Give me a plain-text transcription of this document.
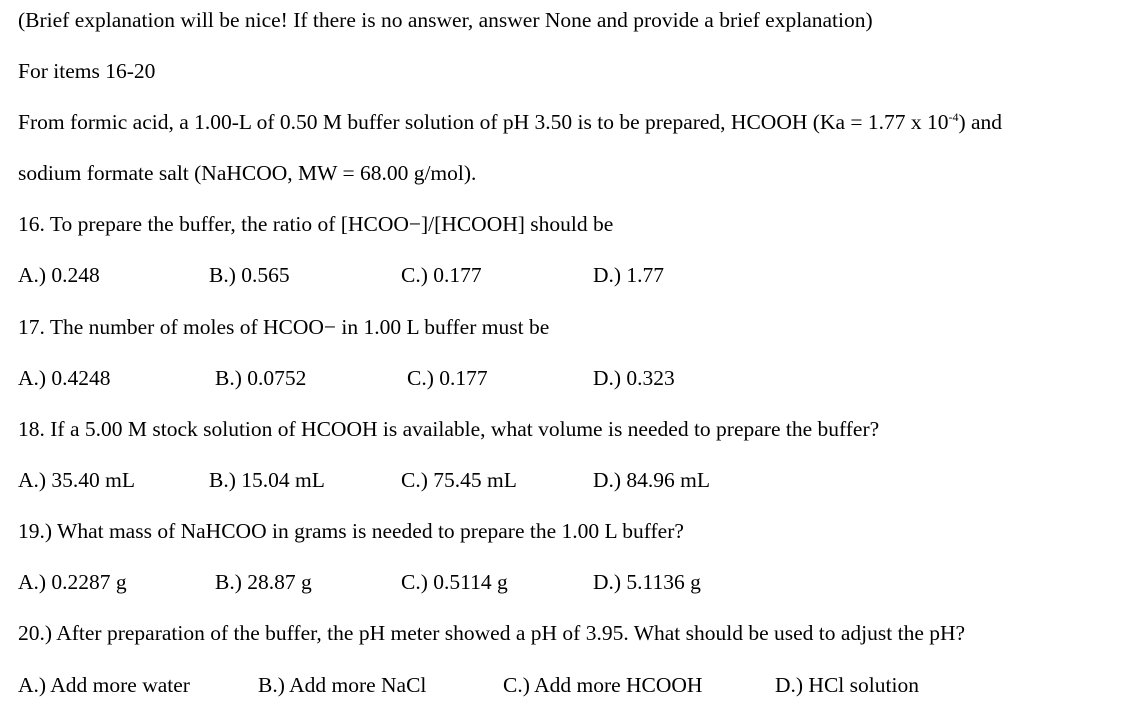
(Brief explanation will be nice! If there is no answer, answer None and provide a brief explanation)
For items 16-20
From formic acid, a 1.00-L of 0.50 M buffer solution of pH 3.50 is to be prepared, HCOOH (Ka = 1.77 x $10^{-4}$) and
sodium formate salt (NaHCOO, MW = 68.00 g/mol).
16. To prepare the buffer, the ratio of [HCOO−]/[HCOOH] should be
A.) 0.248	B.) 0.565	C.) 0.177	D.) 1.77
17. The number of moles of HCOO− in 1.00 L buffer must be
A.) 0.4248	B.) 0.0752	C.) 0.177	D.) 0.323
18. If a 5.00 M stock solution of HCOOH is available, what volume is needed to prepare the buffer?
A.) 35.40 mL	B.) 15.04 mL	C.) 75.45 mL	D.) 84.96 mL
19.) What mass of NaHCOO in grams is needed to prepare the 1.00 L buffer?
A.) 0.2287 g	B.) 28.87 g	C.) 0.5114 g	D.) 5.1136 g
20.) After preparation of the buffer, the pH meter showed a pH of 3.95. What should be used to adjust the pH?
A.) Add more water	B.) Add more NaCl	C.) Add more HCOOH	D.) HCl solution
